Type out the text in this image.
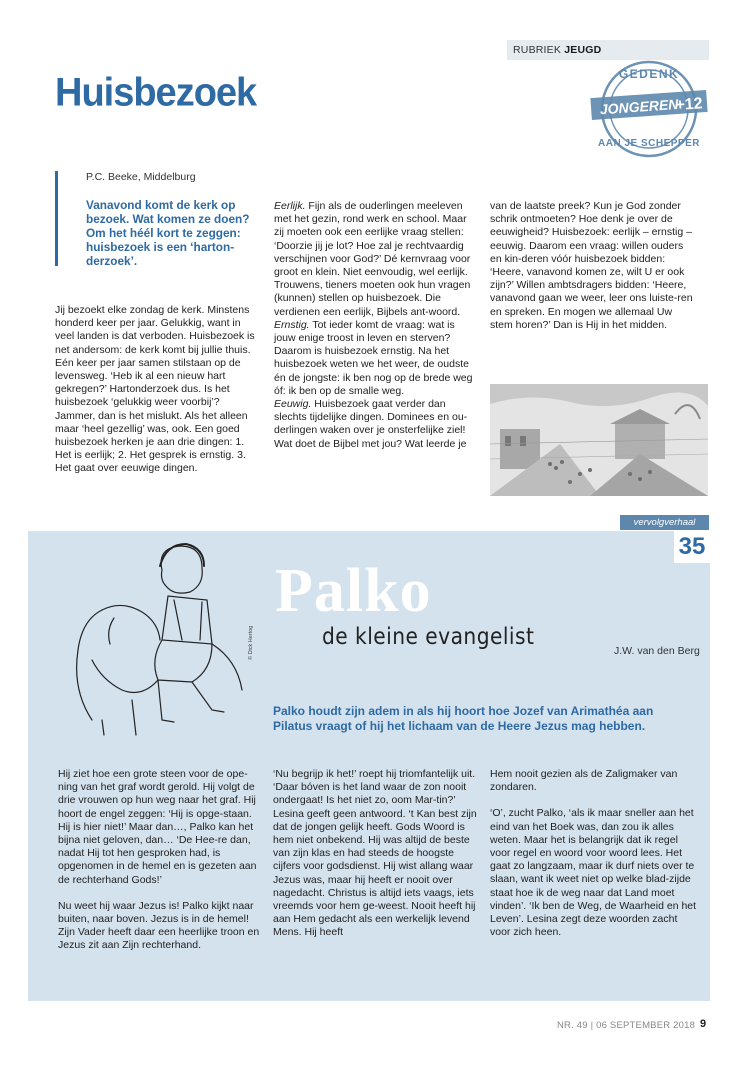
RUBRIEK JEUGD
GEDENK
JONGEREN
+12
AAN JE SCHEPPER
Huisbezoek
P.C. Beeke, Middelburg
Vanavond komt de kerk op bezoek. Wat komen ze doen? Om het héél kort te zeggen: huisbezoek is een ‘harton-derzoek’.

Jij bezoekt elke zondag de kerk. Minstens honderd keer per jaar. Gelukkig, want in veel landen is dat verboden. Huisbezoek is net andersom: de kerk komt bij jullie thuis. Eén keer per jaar samen stilstaan op de levensweg. ‘Heb ik al een nieuw hart gekregen?’ Hartonderzoek dus. Is het huisbezoek ‘gelukkig weer voorbij’? Jammer, dan is het mislukt. Als het alleen maar ‘heel gezellig’ was, ook. Een goed huisbezoek herken je aan drie dingen: 1. Het is eerlijk; 2. Het gesprek is ernstig. 3. Het gaat over eeuwige dingen.

Eerlijk. Fijn als de ouderlingen meeleven met het gezin, rond werk en school. Maar zij moeten ook een eerlijke vraag stellen: ‘Doorzie jij je lot? Hoe zal je rechtvaardig verschijnen voor God?’ Dé kernvraag voor groot en klein. Niet eenvoudig, wel eerlijk. Trouwens, tieners moeten ook hun vragen (kunnen) stellen op huisbezoek. Die verdienen een eerlijk, Bijbels ant-woord.

Ernstig. Tot ieder komt de vraag: wat is jouw enige troost in leven en sterven? Daarom is huisbezoek ernstig. Na het huisbezoek weten we het weer, de oudste én de jongste: ik ben nog op de brede weg óf: ik ben op de smalle weg.

Eeuwig. Huisbezoek gaat verder dan slechts tijdelijke dingen. Dominees en ou-derlingen waken over je onsterfelijke ziel! Wat doet de Bijbel met jou? Wat leerde je

van de laatste preek? Kun je God zonder schrik ontmoeten? Hoe denk je over de eeuwigheid? Huisbezoek: eerlijk – ernstig – eeuwig. Daarom een vraag: willen ouders en kin-deren vóór huisbezoek bidden: ‘Heere, vanavond komen ze, wilt U er ook zijn?’ Willen ambtsdragers bidden: ‘Heere, vanavond gaan we weer, leer ons luiste-ren en spreken. En mogen we allemaal Uw stem horen?’ Dan is Hij in het midden.

vervolgverhaal
35
© Dick Hertog
Palko
de kleine evangelist
J.W. van den Berg
Palko houdt zijn adem in als hij hoort hoe Jozef van Arimathéa aan Pilatus vraagt of hij het lichaam van de Heere Jezus mag hebben.

Hij ziet hoe een grote steen voor de ope-ning van het graf wordt gerold. Hij volgt de drie vrouwen op hun weg naar het graf. Hij hoort de engel zeggen: ‘Hij is opge-staan. Hij is hier niet!’ Maar dan…, Palko kan het bijna niet geloven, dan… ‘De Hee-re dan, nadat Hij tot hen gesproken had, is opgenomen in de hemel en is gezeten aan de rechterhand Gods!’

Nu weet hij waar Jezus is! Palko kijkt naar buiten, naar boven. Jezus is in de hemel! Zijn Vader heeft daar een heerlijke troon en Jezus zit aan Zijn rechterhand.

‘Nu begrijp ik het!’ roept hij triomfantelijk uit. ‘Daar bóven is het land waar de zon nooit ondergaat! Is het niet zo, oom Mar-tin?’ Lesina geeft geen antwoord. ‘t Kan best zijn dat de jongen gelijk heeft. Gods Woord is hem niet onbekend. Hij was altijd de beste van zijn klas en had steeds de hoogste cijfers voor godsdienst. Hij wist allang waar Jezus was, maar hij heeft er nooit over nagedacht. Christus is altijd iets vaags, iets vreemds voor hem ge-weest. Nooit heeft hij aan Hem gedacht als een werkelijk levend Mens. Hij heeft

Hem nooit gezien als de Zaligmaker van zondaren.

‘O’, zucht Palko, ‘als ik maar sneller aan het eind van het Boek was, dan zou ik alles weten. Maar het is belangrijk dat ik regel voor regel en woord voor woord lees. Het gaat zo langzaam, maar ik durf niets over te slaan, want ik weet niet op welke blad-zijde staat hoe ik de weg naar dat Land moet vinden’. ‘Ik ben de Weg, de Waarheid en het Leven’. Lesina zegt deze woorden zacht voor zich heen.

NR. 49 | 06 SEPTEMBER 2018 9
